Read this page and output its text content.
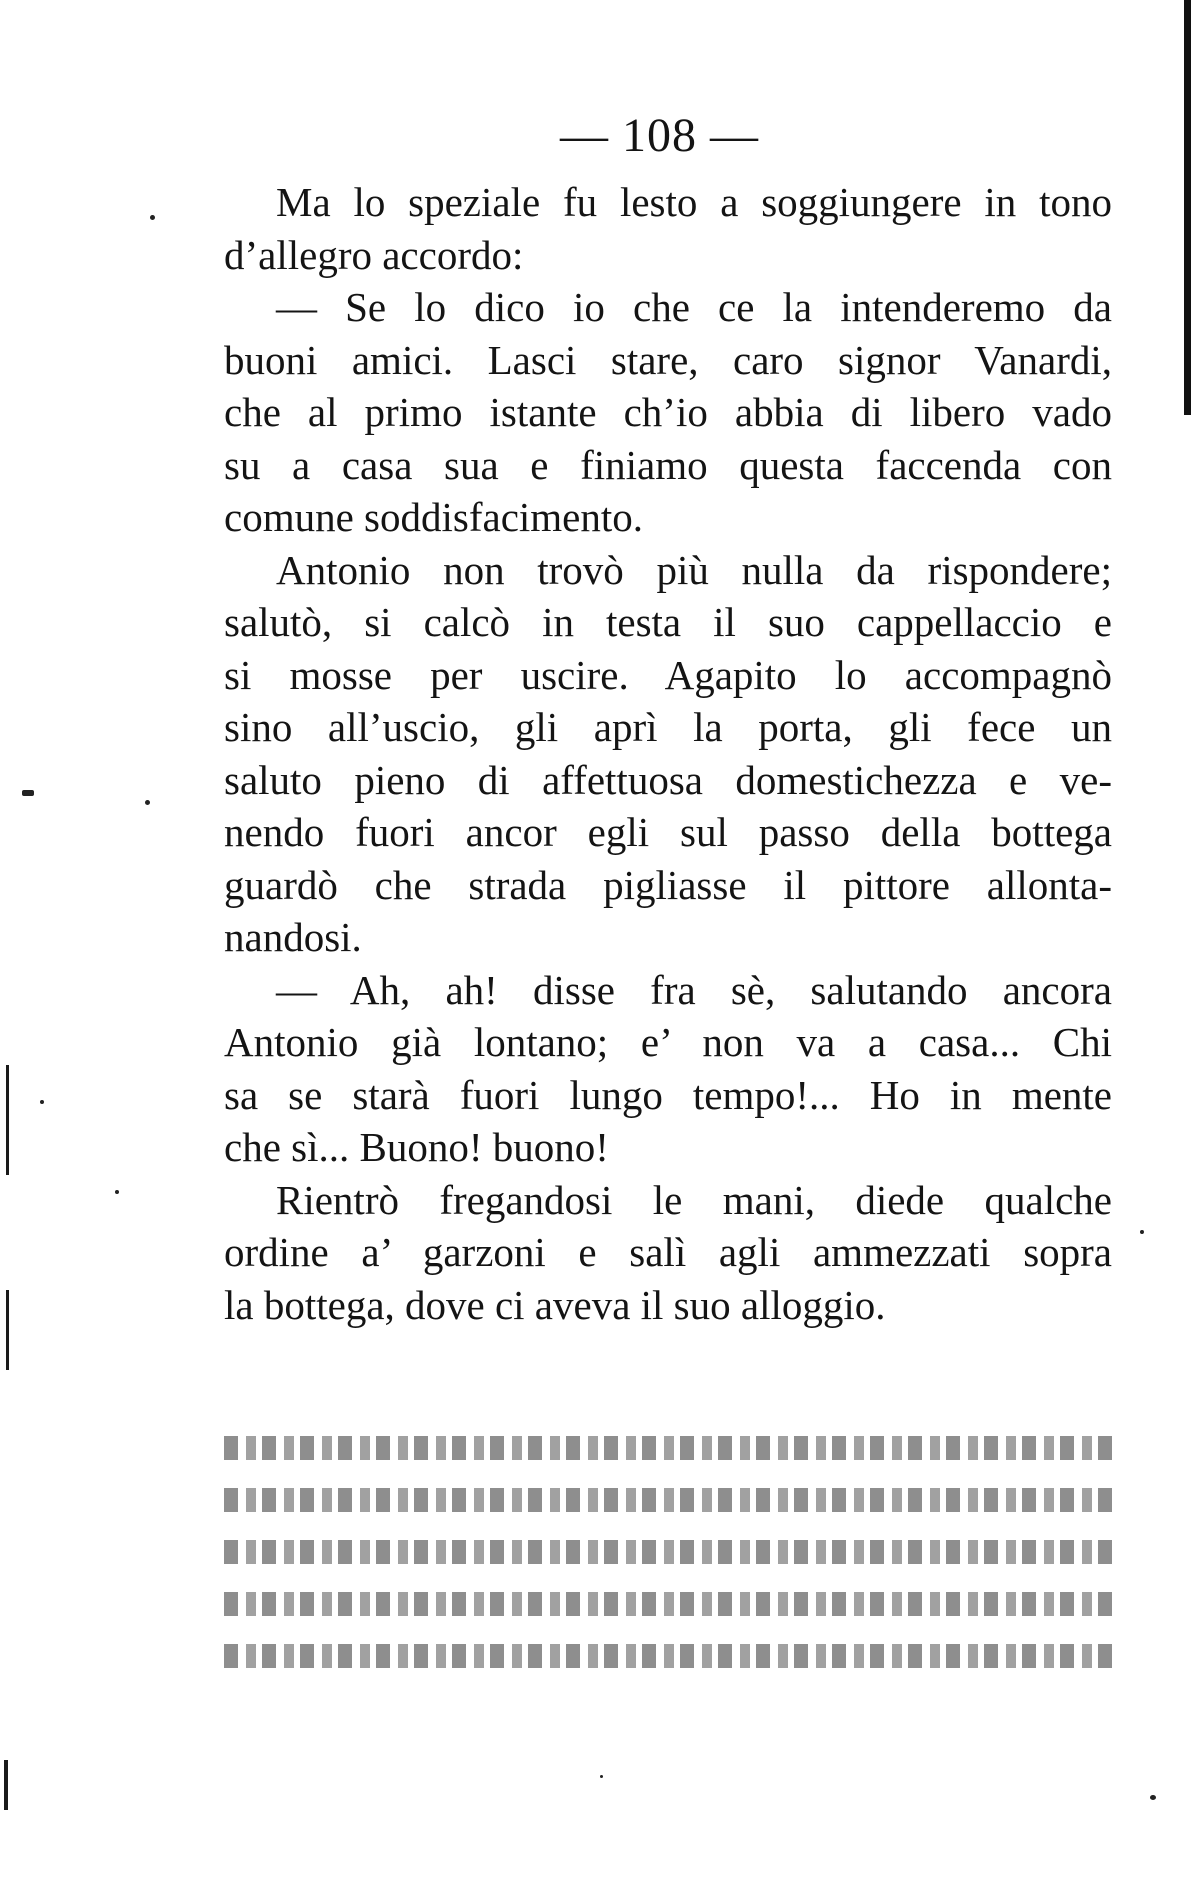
— 108 —
Ma lo speziale fu lesto a soggiungere in tono
d’allegro accordo:
— Se lo dico io che ce la intenderemo da
buoni amici. Lasci stare, caro signor Vanardi,
che al primo istante ch’io abbia di libero vado
su a casa sua e finiamo questa faccenda con
comune soddisfacimento.
Antonio non trovò più nulla da rispondere;
salutò, si calcò in testa il suo cappellaccio e
si mosse per uscire. Agapito lo accompagnò
sino all’uscio, gli aprì la porta, gli fece un
saluto pieno di affettuosa domestichezza e ve-
nendo fuori ancor egli sul passo della bottega
guardò che strada pigliasse il pittore allonta-
nandosi.
— Ah, ah! disse fra sè, salutando ancora
Antonio già lontano; e’ non va a casa... Chi
sa se starà fuori lungo tempo!... Ho in mente
che sì... Buono! buono!
Rientrò fregandosi le mani, diede qualche
ordine a’ garzoni e salì agli ammezzati sopra
la bottega, dove ci aveva il suo alloggio.
